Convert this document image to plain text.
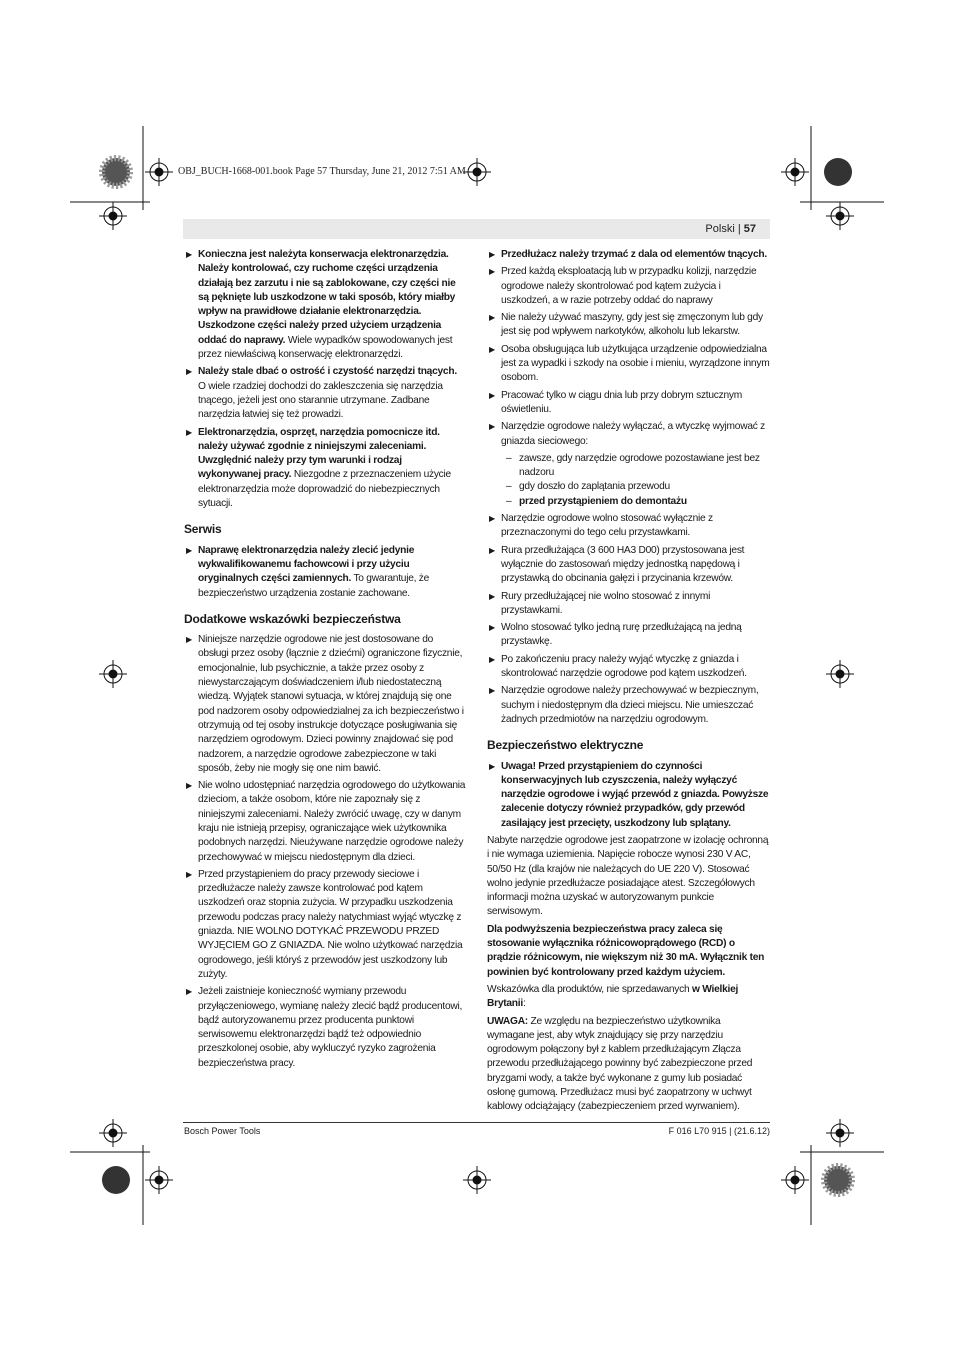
OBJ_BUCH-1668-001.book Page 57 Thursday, June 21, 2012 7:51 AM
Polski | 57
▶ Konieczna jest należyta konserwacja elektronarzędzia. Należy kontrolować, czy ruchome części urządzenia działają bez zarzutu i nie są zablokowane, czy części nie są pęknięte lub uszkodzone w taki sposób, który miałby wpływ na prawidłowe działanie elektronarzędzia. Uszkodzone części należy przed użyciem urządzenia oddać do naprawy. Wiele wypadków spowodowanych jest przez niewłaściwą konserwację elektronarzędzi.
▶ Należy stale dbać o ostrość i czystość narzędzi tnących. O wiele rzadziej dochodzi do zakleszczenia się narzędzia tnącego, jeżeli jest ono starannie utrzymane. Zadbane narzędzia łatwiej się też prowadzi.
▶ Elektronarzędzia, osprzęt, narzędzia pomocnicze itd. należy używać zgodnie z niniejszymi zaleceniami. Uwzględnić należy przy tym warunki i rodzaj wykonywanej pracy. Niezgodne z przeznaczeniem użycie elektronarzędzia może doprowadzić do niebezpiecznych sytuacji.
Serwis
▶ Naprawę elektronarzędzia należy zlecić jedynie wykwalifikowanemu fachowcowi i przy użyciu oryginalnych części zamiennych. To gwarantuje, że bezpieczeństwo urządzenia zostanie zachowane.
Dodatkowe wskazówki bezpieczeństwa
▶ Niniejsze narzędzie ogrodowe nie jest dostosowane do obsługi przez osoby (łącznie z dziećmi) ograniczone fizycznie, emocjonalnie, lub psychicznie, a także przez osoby z niewystarczającym doświadczeniem i/lub niedostateczną wiedzą. Wyjątek stanowi sytuacja, w której znajdują się one pod nadzorem osoby odpowiedzialnej za ich bezpieczeństwo i otrzymują od tej osoby instrukcje dotyczące posługiwania się narzędziem ogrodowym. Dzieci powinny znajdować się pod nadzorem, a narzędzie ogrodowe zabezpieczone w taki sposób, żeby nie mogły się one nim bawić.
▶ Nie wolno udostępniać narzędzia ogrodowego do użytkowania dzieciom, a także osobom, które nie zapoznały się z niniejszymi zaleceniami. Należy zwrócić uwagę, czy w danym kraju nie istnieją przepisy, ograniczające wiek użytkownika podobnych narzędzi. Nieużywane narzędzie ogrodowe należy przechowywać w miejscu niedostępnym dla dzieci.
▶ Przed przystąpieniem do pracy przewody sieciowe i przedłużacze należy zawsze kontrolować pod kątem uszkodzeń oraz stopnia zużycia. W przypadku uszkodzenia przewodu podczas pracy należy natychmiast wyjąć wtyczkę z gniazda. NIE WOLNO DOTYKAĆ PRZEWODU PRZED WYJĘCIEM GO Z GNIAZDA. Nie wolno użytkować narzędzia ogrodowego, jeśli któryś z przewodów jest uszkodzony lub zużyty.
▶ Jeżeli zaistnieje konieczność wymiany przewodu przyłączeniowego, wymianę należy zlecić bądź producentowi, bądź autoryzowanemu przez producenta punktowi serwisowemu elektronarzędzi bądź też odpowiednio przeszkolonej osobie, aby wykluczyć ryzyko zagrożenia bezpieczeństwa pracy.
▶ Przedłużacz należy trzymać z dala od elementów tnących.
▶ Przed każdą eksploatacją lub w przypadku kolizji, narzędzie ogrodowe należy skontrolować pod kątem zużycia i uszkodzeń, a w razie potrzeby oddać do naprawy
▶ Nie należy używać maszyny, gdy jest się zmęczonym lub gdy jest się pod wpływem narkotyków, alkoholu lub lekarstw.
▶ Osoba obsługująca lub użytkująca urządzenie odpowiedzialna jest za wypadki i szkody na osobie i mieniu, wyrządzone innym osobom.
▶ Pracować tylko w ciągu dnia lub przy dobrym sztucznym oświetleniu.
▶ Narzędzie ogrodowe należy wyłączać, a wtyczkę wyjmować z gniazda sieciowego:
– zawsze, gdy narzędzie ogrodowe pozostawiane jest bez nadzoru
– gdy doszło do zaplątania przewodu
– przed przystąpieniem do demontażu
▶ Narzędzie ogrodowe wolno stosować wyłącznie z przeznaczonymi do tego celu przystawkami.
▶ Rura przedłużająca (3 600 HA3 D00) przystosowana jest wyłącznie do zastosowań między jednostką napędową i przystawką do obcinania gałęzi i przycinania krzewów.
▶ Rury przedłużającej nie wolno stosować z innymi przystawkami.
▶ Wolno stosować tylko jedną rurę przedłużającą na jedną przystawkę.
▶ Po zakończeniu pracy należy wyjąć wtyczkę z gniazda i skontrolować narzędzie ogrodowe pod kątem uszkodzeń.
▶ Narzędzie ogrodowe należy przechowywać w bezpiecznym, suchym i niedostępnym dla dzieci miejscu. Nie umieszczać żadnych przedmiotów na narzędziu ogrodowym.
Bezpieczeństwo elektryczne
▶ Uwaga! Przed przystąpieniem do czynności konserwacyjnych lub czyszczenia, należy wyłączyć narzędzie ogrodowe i wyjąć przewód z gniazda. Powyższe zalecenie dotyczy również przypadków, gdy przewód zasilający jest przecięty, uszkodzony lub splątany.

Nabyte narzędzie ogrodowe jest zaopatrzone w izolację ochronną i nie wymaga uziemienia. Napięcie robocze wynosi 230 V AC, 50/50 Hz (dla krajów nie należących do UE 220 V). Stosować wolno jedynie przedłużacze posiadające atest. Szczegółowych informacji można uzyskać w autoryzowanym punkcie serwisowym.

Dla podwyższenia bezpieczeństwa pracy zaleca się stosowanie wyłącznika różnicowoprądowego (RCD) o prądzie różnicowym, nie większym niż 30 mA. Wyłącznik ten powinien być kontrolowany przed każdym użyciem.

Wskazówka dla produktów, nie sprzedawanych w Wielkiej Brytanii:

UWAGA: Ze względu na bezpieczeństwo użytkownika wymagane jest, aby wtyk znajdujący się przy narzędziu ogrodowym połączony był z kablem przedłużającym Złącza przewodu przedłużającego powinny być zabezpieczone przed bryzgami wody, a także być wykonane z gumy lub posiadać osłonę gumową. Przedłużacz musi być zaopatrzony w uchwyt kablowy odciążający (zabezpieczeniem przed wyrwaniem).

Bosch Power Tools	F 016 L70 915 | (21.6.12)
